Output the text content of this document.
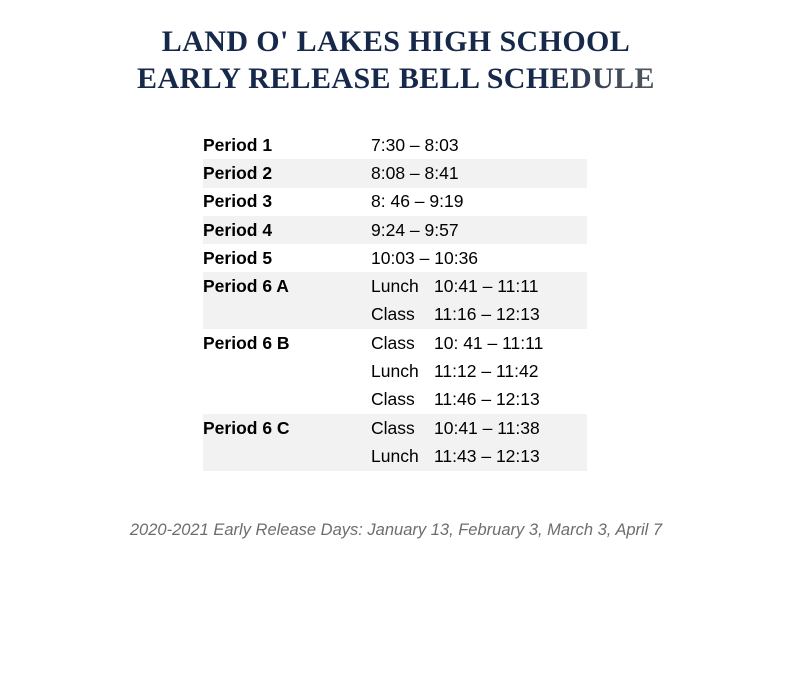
LAND O' LAKES HIGH SCHOOL
EARLY RELEASE BELL SCHEDULE
Period 1	7:30 – 8:03

Period 2	8:08 – 8:41

Period 3	8: 46 – 9:19

Period 4	9:24 – 9:57

Period 5	10:03 – 10:36

Period 6 A	Lunch 10:41 – 11:11
Class 11:16 – 12:13

Period 6 B	Class	10: 41 – 11:11
Lunch 11:12 – 11:42
Class	11:46 – 12:13

Period 6 C	Class 10:41 – 11:38
Lunch 11:43 – 12:13
2020-2021 Early Release Days: January 13, February 3, March 3, April 7
